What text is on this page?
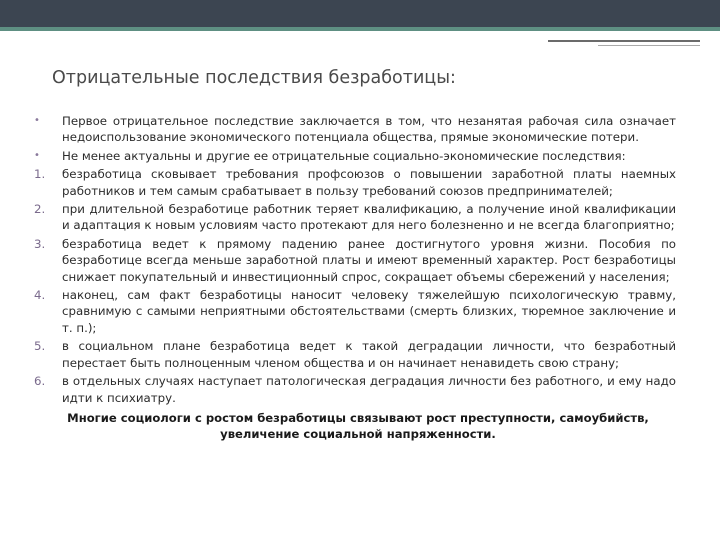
Отрицательные последствия безработицы:
•	Первое отрицательное последствие заключается в том, что незанятая рабочая сила означает недоиспользование экономического потенциала общества, прямые экономические потери.
•	Не менее актуальны и другие ее отрицательные социально-экономические последствия:
1.	безработица сковывает требования профсоюзов о повышении заработной платы наемных работников и тем самым срабатывает в пользу требований союзов предпринимателей;
2.	при длительной безработице работник теряет квалификацию, а получение иной квалификации и адаптация к новым условиям часто протекают для него болезненно и не всегда благоприятно;
3.	безработица ведет к прямому падению ранее достигнутого уровня жизни. Пособия по безработице всегда меньше заработной платы и имеют временный характер. Рост безработицы снижает покупательный и инвестиционный спрос, сокращает объемы сбережений у населения;
4.	наконец, сам факт безработицы наносит человеку тяжелейшую психологическую травму, сравнимую с самыми неприятными обстоятельствами (смерть близких, тюремное заключение и т. п.);
5.	в социальном плане безработица ведет к такой деградации личности, что безработный перестает быть полноценным членом общества и он начинает ненавидеть свою страну;
6.	в отдельных случаях наступает патологическая деградация личности без работного, и ему надо идти к психиатру.
Многие социологи с ростом безработицы связывают рост преступности, самоубийств, увеличение социальной напряженности.
